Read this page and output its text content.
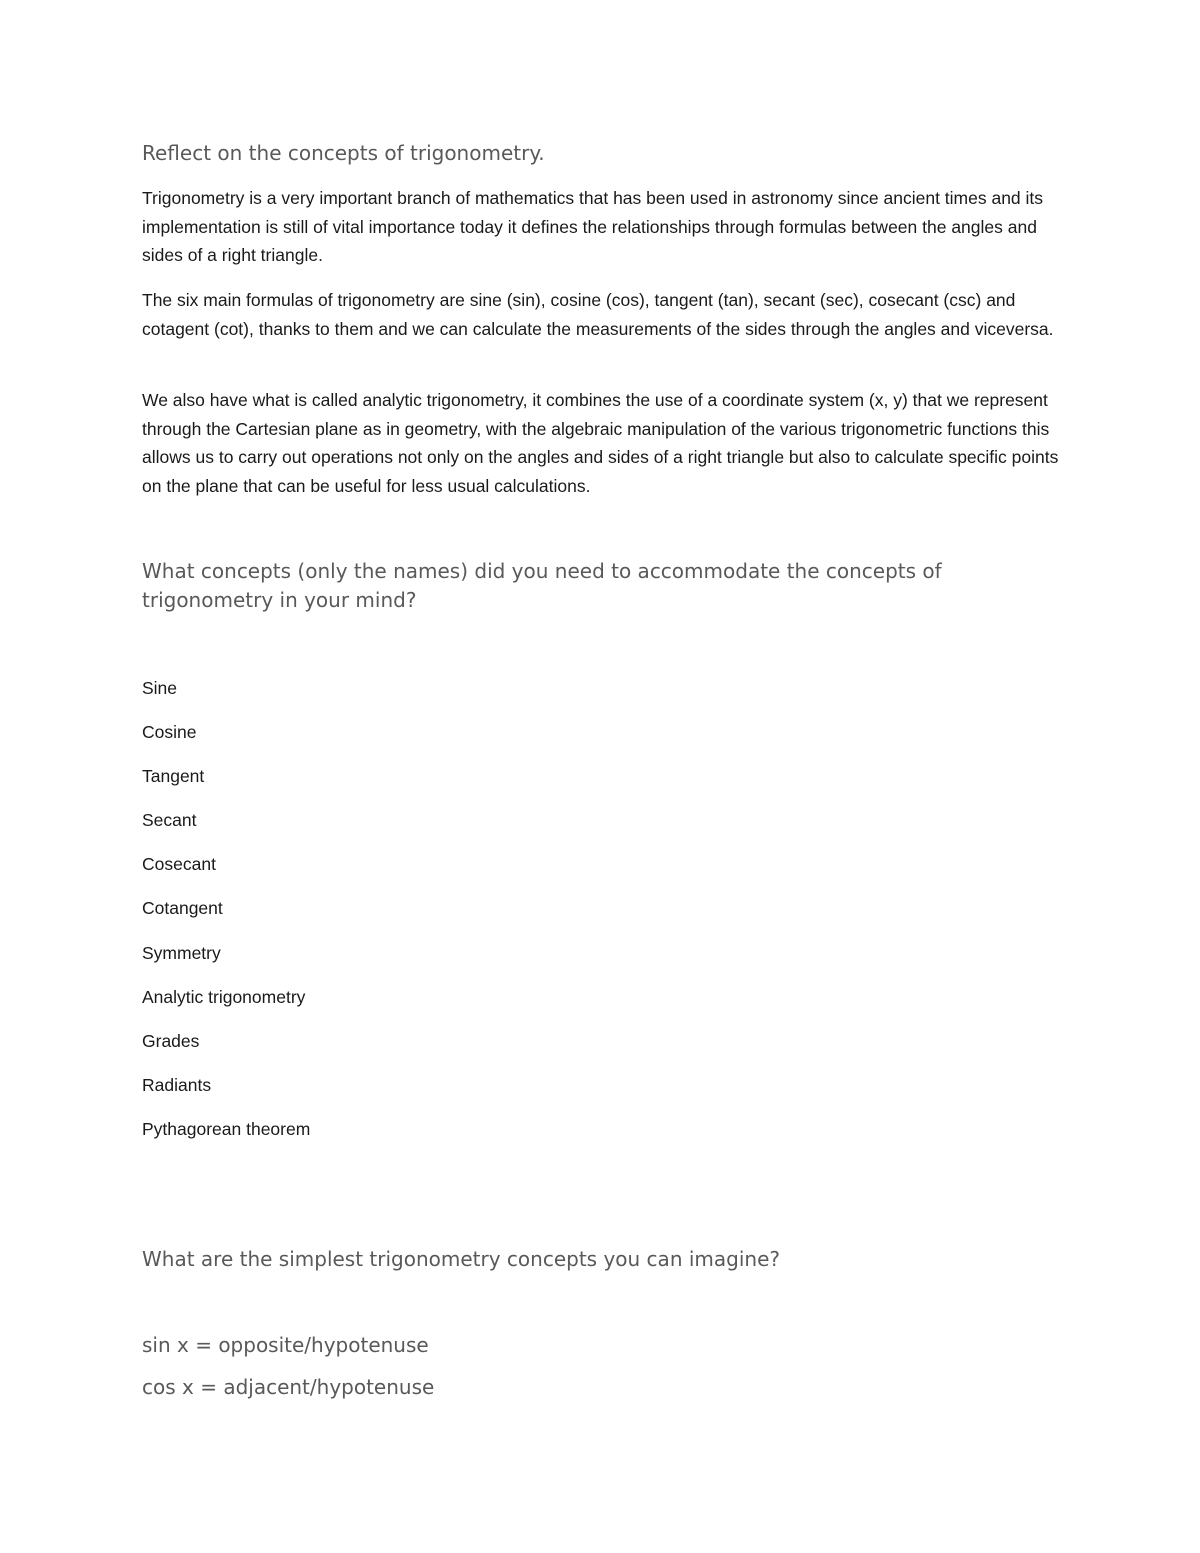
Reflect on the concepts of trigonometry.

Trigonometry is a very important branch of mathematics that has been used in astronomy since ancient times and its implementation is still of vital importance today it defines the relationships through formulas between the angles and sides of a right triangle.

The six main formulas of trigonometry are sine (sin), cosine (cos), tangent (tan), secant (sec), cosecant (csc) and cotagent (cot), thanks to them and we can calculate the measurements of the sides through the angles and viceversa.

We also have what is called analytic trigonometry, it combines the use of a coordinate system (x, y) that we represent through the Cartesian plane as in geometry, with the algebraic manipulation of the various trigonometric functions this allows us to carry out operations not only on the angles and sides of a right triangle but also to calculate specific points on the plane that can be useful for less usual calculations.

What concepts (only the names) did you need to accommodate the concepts of trigonometry in your mind?
Sine
Cosine
Tangent
Secant
Cosecant
Cotangent
Symmetry
Analytic trigonometry
Grades
Radiants
Pythagorean theorem
What are the simplest trigonometry concepts you can imagine?

sin x = opposite/hypotenuse

cos x = adjacent/hypotenuse
